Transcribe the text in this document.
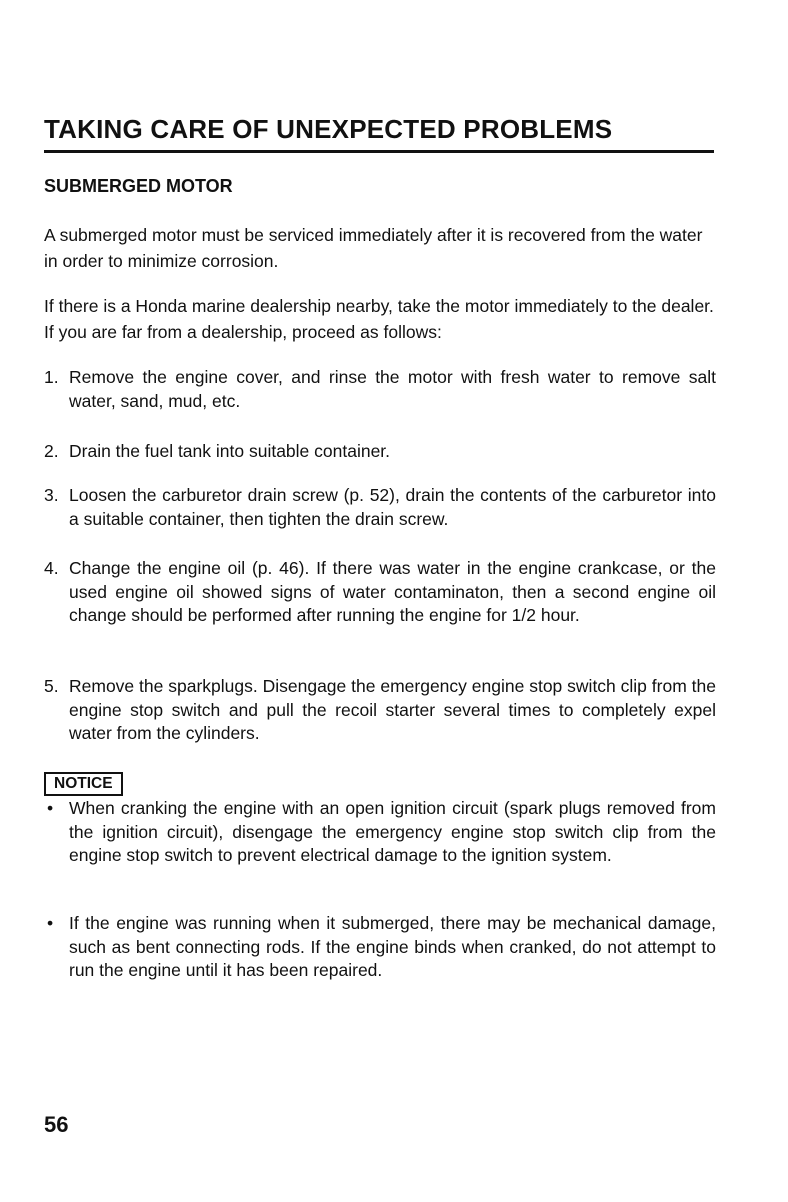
TAKING CARE OF UNEXPECTED PROBLEMS
SUBMERGED MOTOR
A submerged motor must be serviced immediately after it is recovered from the water in order to minimize corrosion.
If there is a Honda marine dealership nearby, take the motor immediately to the dealer. If you are far from a dealership, proceed as follows:
1. Remove the engine cover, and rinse the motor with fresh water to remove salt water, sand, mud, etc.
2. Drain the fuel tank into suitable container.
3. Loosen the carburetor drain screw (p. 52), drain the contents of the carburetor into a suitable container, then tighten the drain screw.
4. Change the engine oil (p. 46). If there was water in the engine crankcase, or the used engine oil showed signs of water contaminaton, then a second engine oil change should be performed after running the engine for 1/2 hour.
5. Remove the sparkplugs. Disengage the emergency engine stop switch clip from the engine stop switch and pull the recoil starter several times to completely expel water from the cylinders.
NOTICE
• When cranking the engine with an open ignition circuit (spark plugs removed from the ignition circuit), disengage the emergency engine stop switch clip from the engine stop switch to prevent electrical damage to the ignition system.
• If the engine was running when it submerged, there may be mechanical damage, such as bent connecting rods. If the engine binds when cranked, do not attempt to run the engine until it has been repaired.
56
